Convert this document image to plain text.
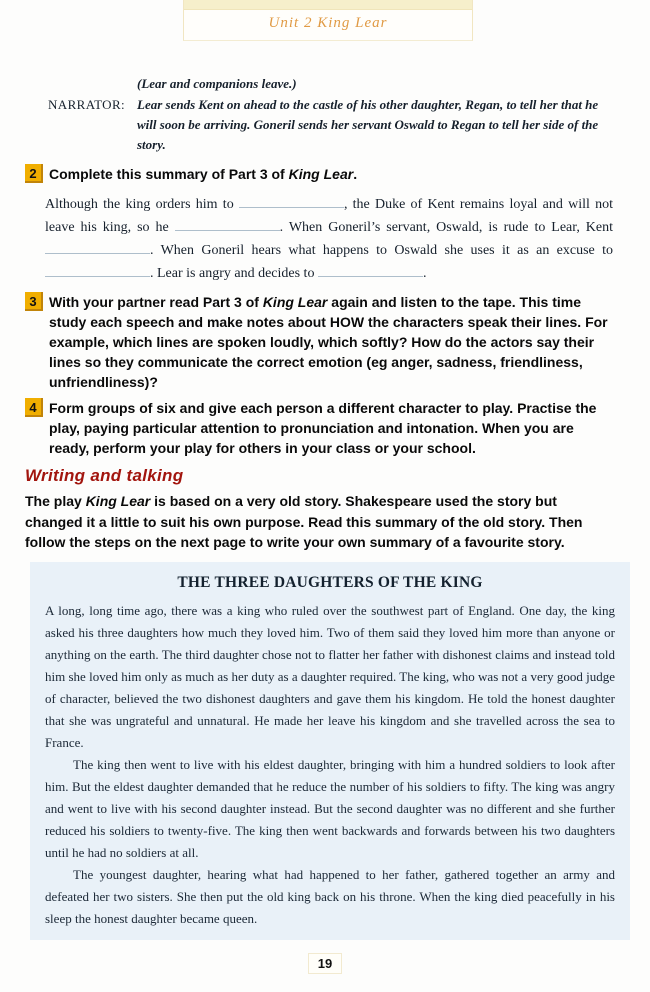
Unit 2 King Lear
(Lear and companions leave.)
NARRATOR: Lear sends Kent on ahead to the castle of his other daughter, Regan, to tell her that he will soon be arriving. Goneril sends her servant Oswald to Regan to tell her side of the story.
2 Complete this summary of Part 3 of King Lear.
Although the king orders him to	, the Duke of Kent remains loyal and will not leave his king, so he	. When Goneril’s servant, Oswald, is rude to Lear, Kent . When Goneril hears what happens to Oswald she uses it as an excuse to . Lear is angry and decides to	.
3 With your partner read Part 3 of King Lear again and listen to the tape. This time study each speech and make notes about HOW the characters speak their lines. For example, which lines are spoken loudly, which softly? How do the actors say their lines so they communicate the correct emotion (eg anger, sadness, friendliness, unfriendliness)?
4 Form groups of six and give each person a different character to play. Practise the play, paying particular attention to pronunciation and intonation. When you are ready, perform your play for others in your class or your school.
Writing and talking
The play King Lear is based on a very old story. Shakespeare used the story but changed it a little to suit his own purpose. Read this summary of the old story. Then follow the steps on the next page to write your own summary of a favourite story.
THE THREE DAUGHTERS OF THE KING

A long, long time ago, there was a king who ruled over the southwest part of England. One day, the king asked his three daughters how much they loved him. Two of them said they loved him more than anyone or anything on the earth. The third daughter chose not to flatter her father with dishonest claims and instead told him she loved him only as much as her duty as a daughter required. The king, who was not a very good judge of character, believed the two dishonest daughters and gave them his kingdom. He told the honest daughter that she was ungrateful and unnatural. He made her leave his kingdom and she travelled across the sea to France.

The king then went to live with his eldest daughter, bringing with him a hundred soldiers to look after him. But the eldest daughter demanded that he reduce the number of his soldiers to fifty. The king was angry and went to live with his second daughter instead. But the second daughter was no different and she further reduced his soldiers to twenty-five. The king then went backwards and forwards between his two daughters until he had no soldiers at all.

The youngest daughter, hearing what had happened to her father, gathered together an army and defeated her two sisters. She then put the old king back on his throne. When the king died peacefully in his sleep the honest daughter became queen.

19
